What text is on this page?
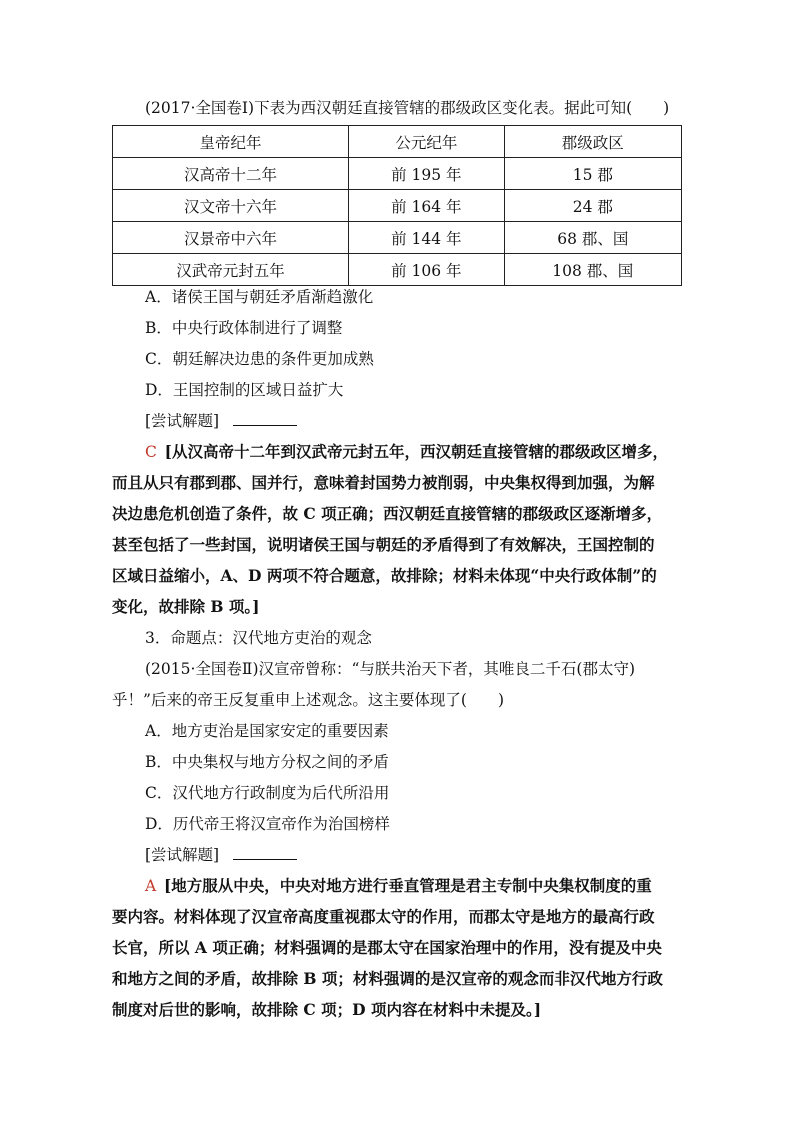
(2017·全国卷Ⅰ)下表为西汉朝廷直接管辖的郡级政区变化表。据此可知(　　)
皇帝纪年	公元纪年	郡级政区
汉高帝十二年	前 195 年	15 郡
汉文帝十六年	前 164 年	24 郡
汉景帝中六年	前 144 年	68 郡、国
汉武帝元封五年	前 106 年	108 郡、国
A．诸侯王国与朝廷矛盾渐趋激化
B．中央行政体制进行了调整
C．朝廷解决边患的条件更加成熟
D．王国控制的区域日益扩大
[尝试解题]
C  [从汉高帝十二年到汉武帝元封五年，西汉朝廷直接管辖的郡级政区增多，
而且从只有郡到郡、国并行，意味着封国势力被削弱，中央集权得到加强，为解
决边患危机创造了条件，故 C 项正确；西汉朝廷直接管辖的郡级政区逐渐增多，
甚至包括了一些封国，说明诸侯王国与朝廷的矛盾得到了有效解决，王国控制的
区域日益缩小，A、D 两项不符合题意，故排除；材料未体现“中央行政体制”的
变化，故排除 B 项。]
3．命题点：汉代地方吏治的观念
(2015·全国卷Ⅱ)汉宣帝曾称：“与朕共治天下者，其唯良二千石(郡太守)
乎！”后来的帝王反复重申上述观念。这主要体现了(　　)
A．地方吏治是国家安定的重要因素
B．中央集权与地方分权之间的矛盾
C．汉代地方行政制度为后代所沿用
D．历代帝王将汉宣帝作为治国榜样
[尝试解题]
A  [地方服从中央，中央对地方进行垂直管理是君主专制中央集权制度的重
要内容。材料体现了汉宣帝高度重视郡太守的作用，而郡太守是地方的最高行政
长官，所以 A 项正确；材料强调的是郡太守在国家治理中的作用，没有提及中央
和地方之间的矛盾，故排除 B 项；材料强调的是汉宣帝的观念而非汉代地方行政
制度对后世的影响，故排除 C 项；D 项内容在材料中未提及。]
